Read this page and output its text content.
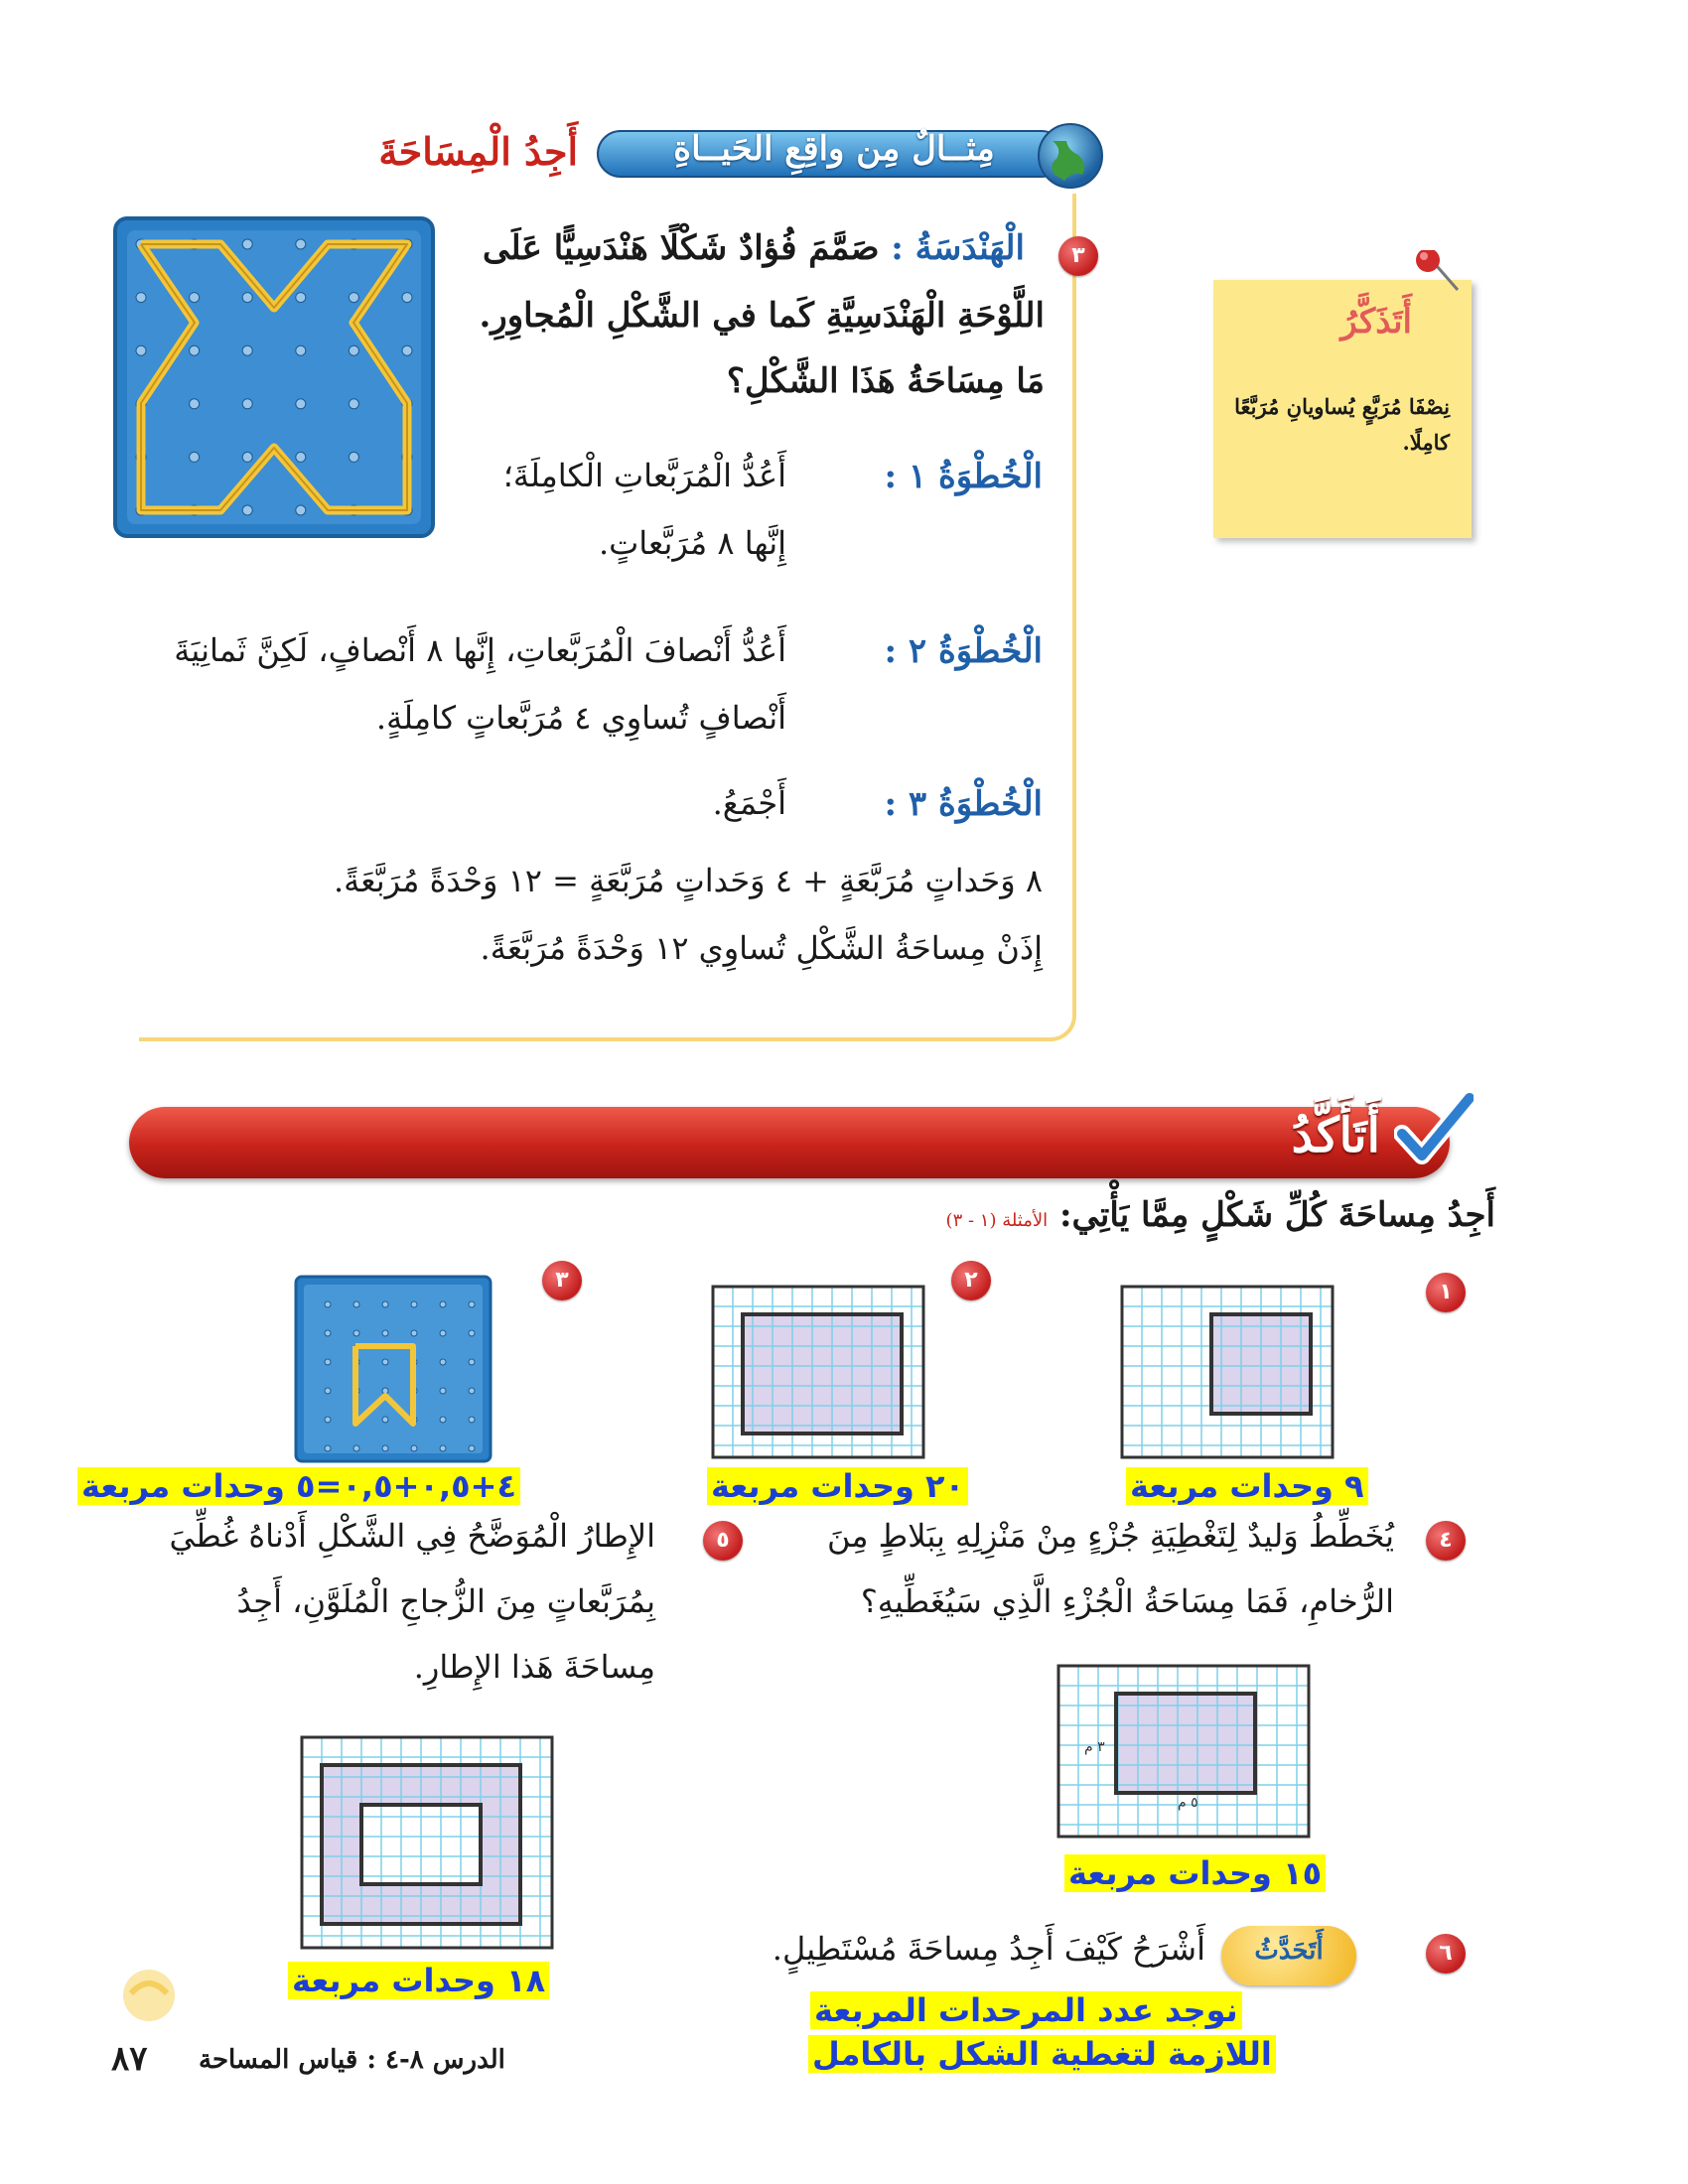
مِثــالٌ مِن واقِعِ الحَيــاةِ
أَجِدُ الْمِسَاحَةَ
أَتَذَكَّرُ
نِصْفَا مُرَبَّعٍ يُساويانِ مُرَبَّعًا كامِلًا.
٣
الْهَنْدَسَةُ : صَمَّمَ فُؤادٌ شَكْلًا هَنْدَسِيًّا عَلَى
اللَّوْحَةِ الْهَنْدَسِيَّةِ كَما في الشَّكْلِ الْمُجاوِرِ.
مَا مِسَاحَةُ هَذَا الشَّكْلِ؟
الْخُطْوَةُ ١ :
أَعُدُّ الْمُرَبَّعاتِ الْكامِلَةَ؛
إِنَّها ٨ مُرَبَّعاتٍ.
الْخُطْوَةُ ٢ :
أَعُدُّ أَنْصافَ الْمُرَبَّعاتِ، إِنَّها ٨ أَنْصافٍ، لَكِنَّ ثَمانِيَةَ
أَنْصافٍ تُساوِي ٤ مُرَبَّعاتٍ كامِلَةٍ.
الْخُطْوَةُ ٣ :
أَجْمَعُ.
٨ وَحَداتٍ مُرَبَّعَةٍ + ٤ وَحَداتٍ مُرَبَّعَةٍ = ١٢ وَحْدَةً مُرَبَّعَةً.
إِذَنْ مِساحَةُ الشَّكْلِ تُساوِي ١٢ وَحْدَةً مُرَبَّعَةً.
أَتَأَكَّدُ
أَجِدُ مِساحَةَ كُلِّ شَكْلٍ مِمَّا يَأْتِي: الأمثلة (١ - ٣)
١
٩ وحدات مربعة
٢
٢٠ وحدات مربعة
٣
٤+٠,٥+٠,٥=٥ وحدات مربعة
٤
يُخَطِّطُ وَليدٌ لِتَغْطِيَةِ جُزْءٍ مِنْ مَنْزِلِهِ بِبَلاطٍ مِنَ
الرُّخامِ، فَمَا مِسَاحَةُ الْجُزْءِ الَّذِي سَيُغَطِّيهِ؟
٣ م
٥ م
١٥ وحدات مربعة
٥
الإِطارُ الْمُوَضَّحُ فِي الشَّكْلِ أَدْناهُ غُطِّيَ
بِمُرَبَّعاتٍ مِنَ الزُّجاجِ الْمُلَوَّنِ، أَجِدُ
مِساحَةَ هَذا الإِطارِ.
١٨ وحدات مربعة
٦
أَتَحَدَّثُ
أَشْرَحُ كَيْفَ أَجِدُ مِساحَةَ مُسْتَطِيلٍ.
نوجد عدد المرحدات المربعة
اللازمة لتغطية الشكل بالكامل
الدرس ٨-٤ : قياس المساحة
٨٧
